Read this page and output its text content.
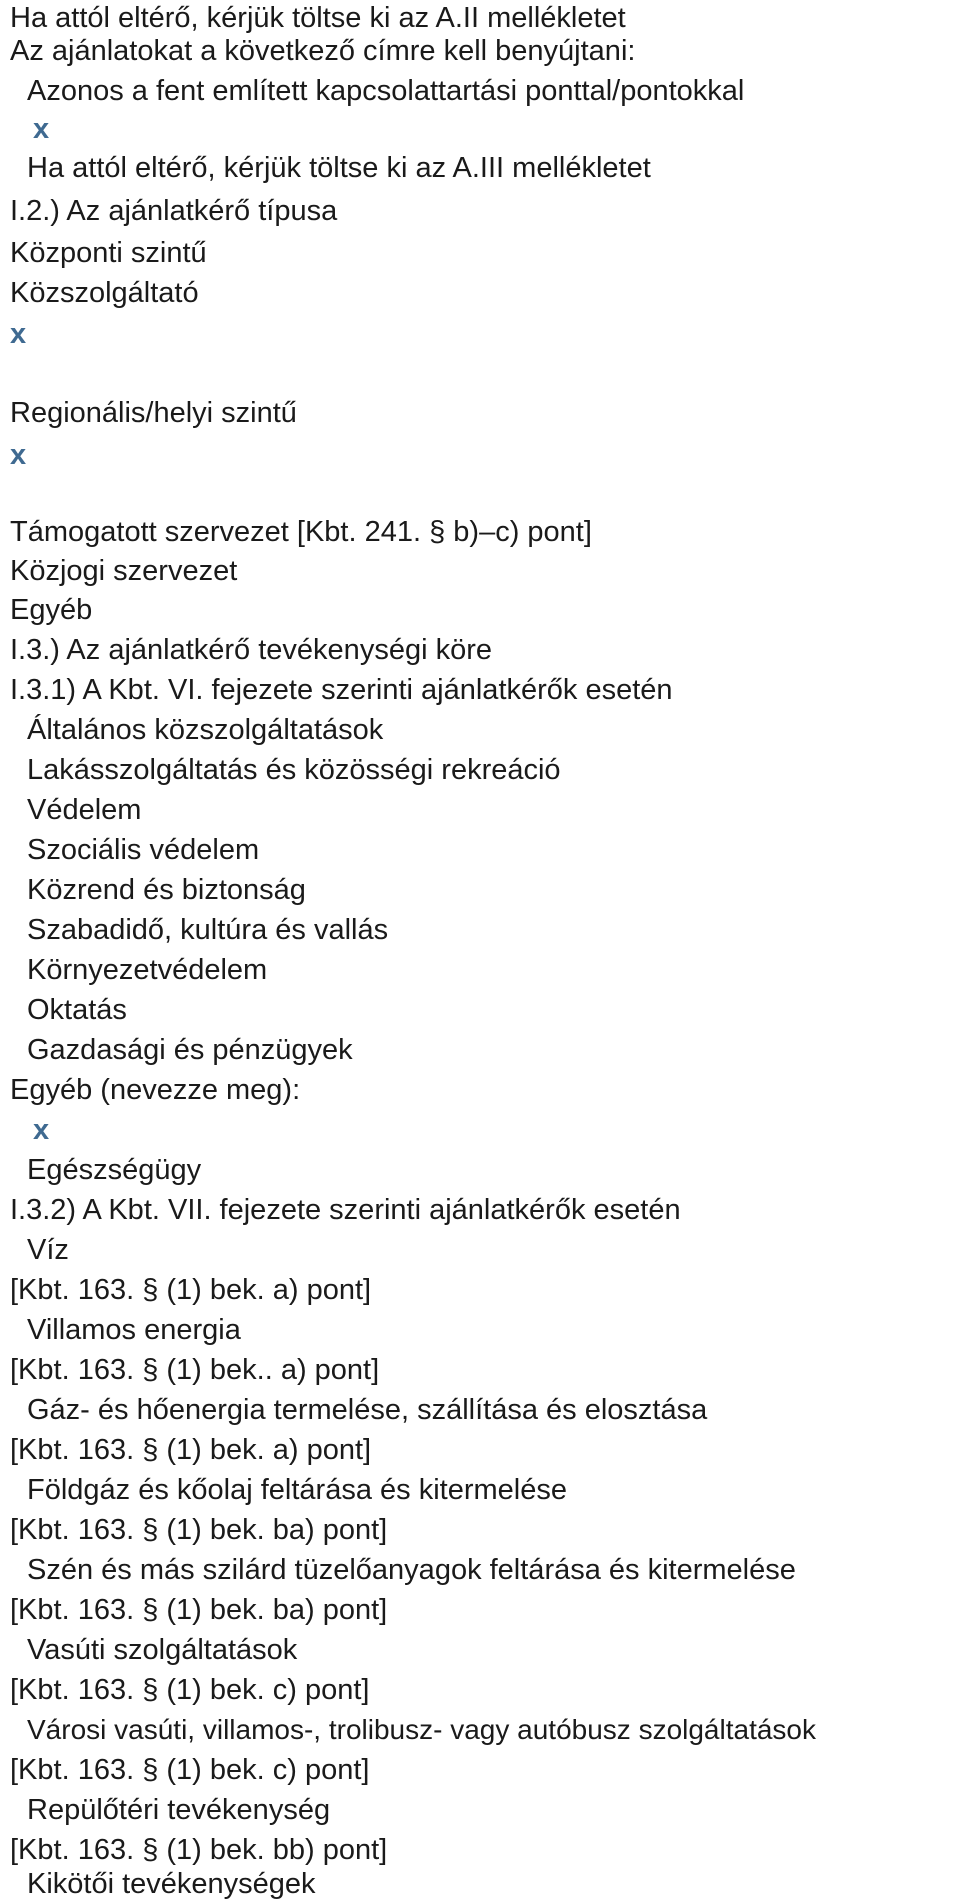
Ha attól eltérő, kérjük töltse ki az A.II mellékletet
Az ajánlatokat a következő címre kell benyújtani:
Azonos a fent említett kapcsolattartási ponttal/pontokkal
x
Ha attól eltérő, kérjük töltse ki az A.III mellékletet
I.2.) Az ajánlatkérő típusa
Központi szintű
Közszolgáltató
x
Regionális/helyi szintű
x
Támogatott szervezet [Kbt. 241. § b)–c) pont]
Közjogi szervezet
Egyéb
I.3.) Az ajánlatkérő tevékenységi köre
I.3.1) A Kbt. VI. fejezete szerinti ajánlatkérők esetén
Általános közszolgáltatások
Lakásszolgáltatás és közösségi rekreáció
Védelem
Szociális védelem
Közrend és biztonság
Szabadidő, kultúra és vallás
Környezetvédelem
Oktatás
Gazdasági és pénzügyek
Egyéb (nevezze meg):
x
Egészségügy
I.3.2) A Kbt. VII. fejezete szerinti ajánlatkérők esetén
Víz
[Kbt. 163. § (1) bek. a) pont]
Villamos energia
[Kbt. 163. § (1) bek.. a) pont]
Gáz- és hőenergia termelése, szállítása és elosztása
[Kbt. 163. § (1) bek. a) pont]
Földgáz és kőolaj feltárása és kitermelése
[Kbt. 163. § (1) bek. ba) pont]
Szén és más szilárd tüzelőanyagok feltárása és kitermelése
[Kbt. 163. § (1) bek. ba) pont]
Vasúti szolgáltatások
[Kbt. 163. § (1) bek. c) pont]
Városi vasúti, villamos-, trolibusz- vagy autóbusz szolgáltatások
[Kbt. 163. § (1) bek. c) pont]
Repülőtéri tevékenység
[Kbt. 163. § (1) bek. bb) pont]
Kikötői tevékenységek
